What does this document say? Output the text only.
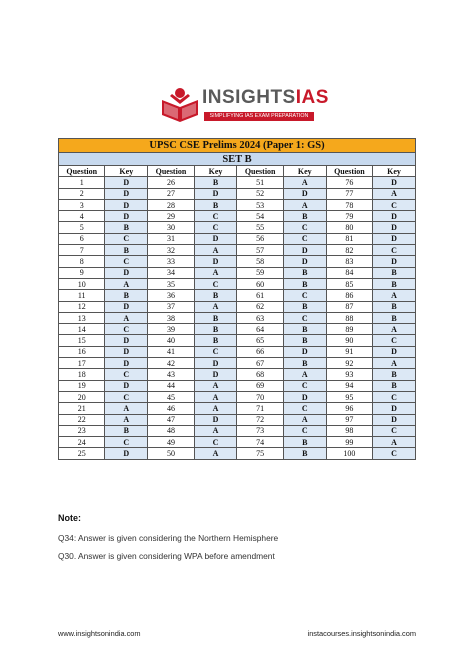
INSIGHTSIAS
SIMPLIFYING IAS EXAM PREPARATION
UPSC CSE Prelims 2024 (Paper 1: GS)							
SET B							
Question	Key	Question	Key	Question	Key	Question	Key
1	D	26	B	51	A	76	D
2	D	27	D	52	D	77	A
3	D	28	B	53	A	78	C
4	D	29	C	54	B	79	D
5	B	30	C	55	C	80	D
6	C	31	D	56	C	81	D
7	B	32	A	57	D	82	C
8	C	33	D	58	D	83	D
9	D	34	A	59	B	84	B
10	A	35	C	60	B	85	B
11	B	36	B	61	C	86	A
12	D	37	A	62	B	87	B
13	A	38	B	63	C	88	B
14	C	39	B	64	B	89	A
15	D	40	B	65	B	90	C
16	D	41	C	66	D	91	D
17	D	42	D	67	B	92	A
18	C	43	D	68	A	93	B
19	D	44	A	69	C	94	B
20	C	45	A	70	D	95	C
21	A	46	A	71	C	96	D
22	A	47	D	72	A	97	D
23	B	48	A	73	C	98	C
24	C	49	C	74	B	99	A
25	D	50	A	75	B	100	C
Note:
Q34: Answer is given considering the Northern Hemisphere
Q30. Answer is given considering WPA before amendment
www.insightsonindia.com	instacourses.insightsonindia.com
